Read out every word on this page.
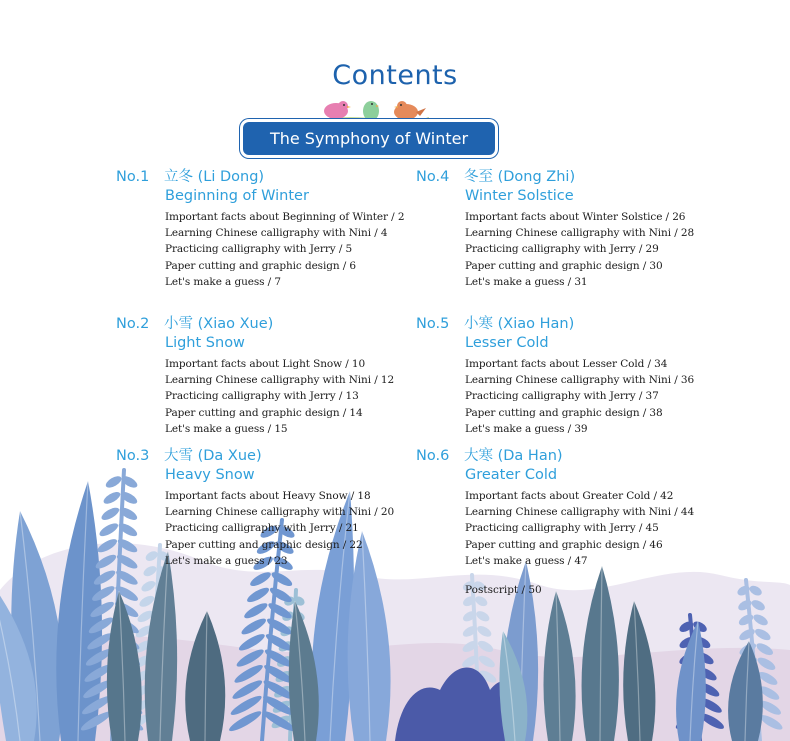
Contents
The Symphony of Winter
No.1 立冬 (Li Dong)
Beginning of Winter
Important facts about Beginning of Winter / 2
Learning Chinese calligraphy with Nini / 4
Practicing calligraphy with Jerry / 5
Paper cutting and graphic design / 6
Let's make a guess / 7
No.2 小雪 (Xiao Xue)
Light Snow
Important facts about Light Snow / 10
Learning Chinese calligraphy with Nini / 12
Practicing calligraphy with Jerry / 13
Paper cutting and graphic design / 14
Let's make a guess / 15
No.3 大雪 (Da Xue)
Heavy Snow
Important facts about Heavy Snow / 18
Learning Chinese calligraphy with Nini / 20
Practicing calligraphy with Jerry / 21
Paper cutting and graphic design / 22
Let's make a guess / 23
No.4 冬至 (Dong Zhi)
Winter Solstice
Important facts about Winter Solstice / 26
Learning Chinese calligraphy with Nini / 28
Practicing calligraphy with Jerry / 29
Paper cutting and graphic design / 30
Let's make a guess / 31
No.5 小寒 (Xiao Han)
Lesser Cold
Important facts about Lesser Cold / 34
Learning Chinese calligraphy with Nini / 36
Practicing calligraphy with Jerry / 37
Paper cutting and graphic design / 38
Let's make a guess / 39
No.6 大寒 (Da Han)
Greater Cold
Important facts about Greater Cold / 42
Learning Chinese calligraphy with Nini / 44
Practicing calligraphy with Jerry / 45
Paper cutting and graphic design / 46
Let's make a guess / 47
Postscript / 50
